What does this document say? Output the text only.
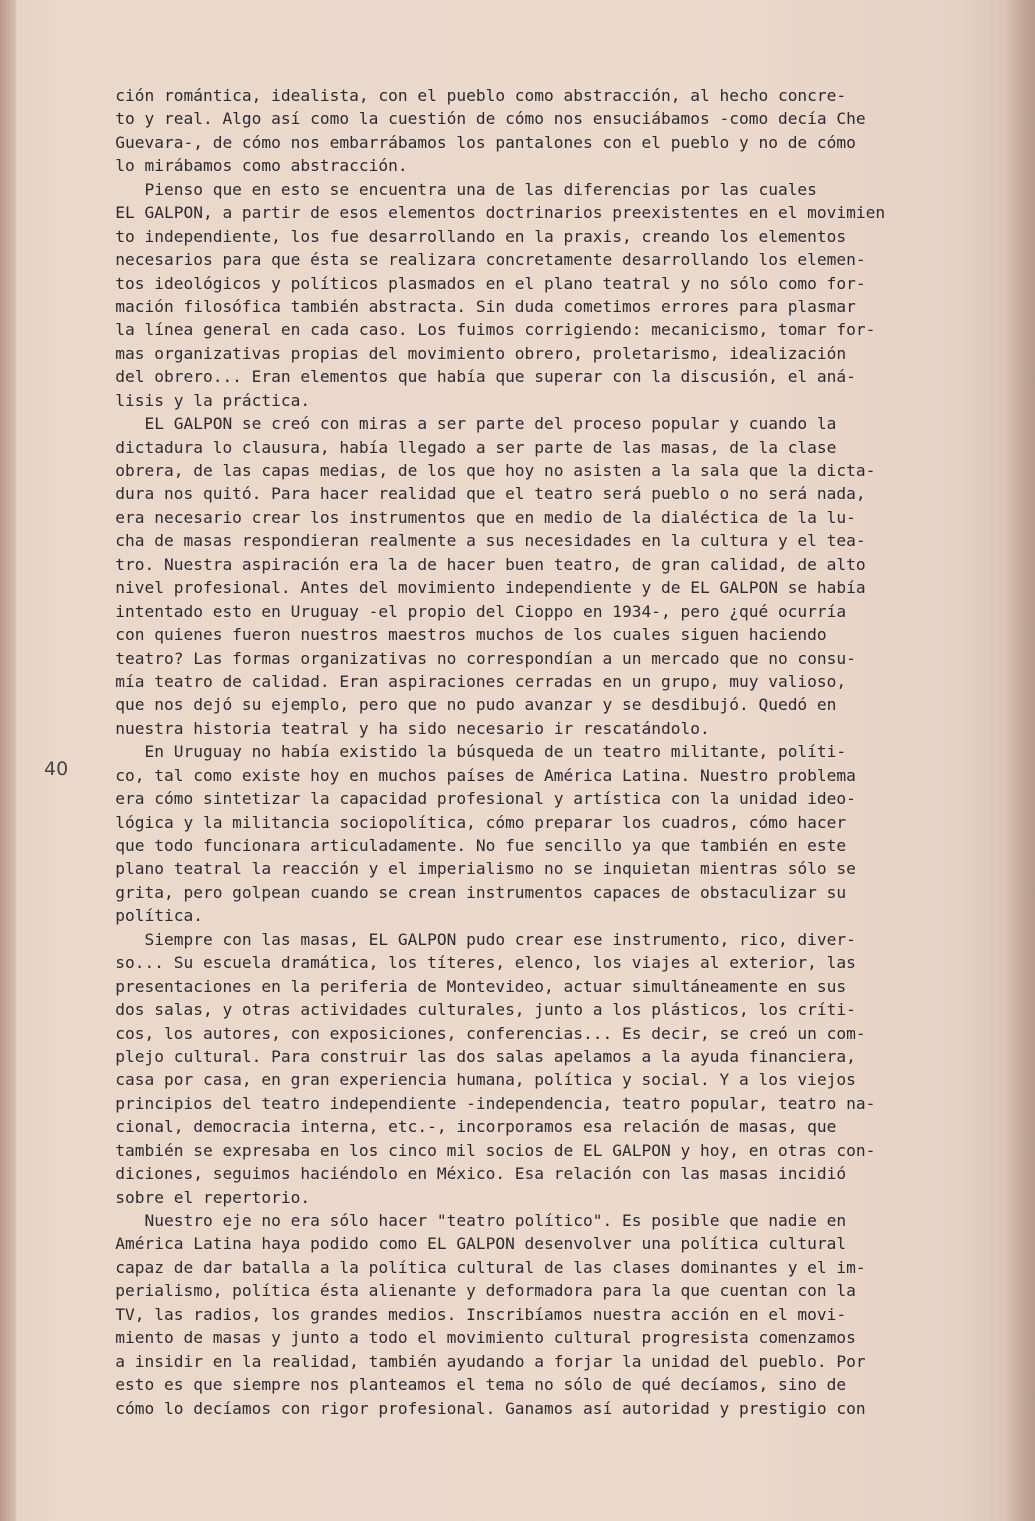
40
ción romántica, idealista, con el pueblo como abstracción, al hecho concre-
to y real. Algo así como la cuestión de cómo nos ensuciábamos -como decía Che
Guevara-, de cómo nos embarrábamos los pantalones con el pueblo y no de cómo
lo mirábamos como abstracción.
Pienso que en esto se encuentra una de las diferencias por las cuales
EL GALPON, a partir de esos elementos doctrinarios preexistentes en el movimien
to independiente, los fue desarrollando en la praxis, creando los elementos
necesarios para que ésta se realizara concretamente desarrollando los elemen-
tos ideológicos y políticos plasmados en el plano teatral y no sólo como for-
mación filosófica también abstracta. Sin duda cometimos errores para plasmar
la línea general en cada caso. Los fuimos corrigiendo: mecanicismo, tomar for-
mas organizativas propias del movimiento obrero, proletarismo, idealización
del obrero... Eran elementos que había que superar con la discusión, el aná-
lisis y la práctica.
EL GALPON se creó con miras a ser parte del proceso popular y cuando la
dictadura lo clausura, había llegado a ser parte de las masas, de la clase
obrera, de las capas medias, de los que hoy no asisten a la sala que la dicta-
dura nos quitó. Para hacer realidad que el teatro será pueblo o no será nada,
era necesario crear los instrumentos que en medio de la dialéctica de la lu-
cha de masas respondieran realmente a sus necesidades en la cultura y el tea-
tro. Nuestra aspiración era la de hacer buen teatro, de gran calidad, de alto
nivel profesional. Antes del movimiento independiente y de EL GALPON se había
intentado esto en Uruguay -el propio del Cioppo en 1934-, pero ¿qué ocurría
con quienes fueron nuestros maestros muchos de los cuales siguen haciendo
teatro? Las formas organizativas no correspondían a un mercado que no consu-
mía teatro de calidad. Eran aspiraciones cerradas en un grupo, muy valioso,
que nos dejó su ejemplo, pero que no pudo avanzar y se desdibujó. Quedó en
nuestra historia teatral y ha sido necesario ir rescatándolo.
En Uruguay no había existido la búsqueda de un teatro militante, políti-
co, tal como existe hoy en muchos países de América Latina. Nuestro problema
era cómo sintetizar la capacidad profesional y artística con la unidad ideo-
lógica y la militancia sociopolítica, cómo preparar los cuadros, cómo hacer
que todo funcionara articuladamente. No fue sencillo ya que también en este
plano teatral la reacción y el imperialismo no se inquietan mientras sólo se
grita, pero golpean cuando se crean instrumentos capaces de obstaculizar su
política.
Siempre con las masas, EL GALPON pudo crear ese instrumento, rico, diver-
so... Su escuela dramática, los títeres, elenco, los viajes al exterior, las
presentaciones en la periferia de Montevideo, actuar simultáneamente en sus
dos salas, y otras actividades culturales, junto a los plásticos, los críti-
cos, los autores, con exposiciones, conferencias... Es decir, se creó un com-
plejo cultural. Para construir las dos salas apelamos a la ayuda financiera,
casa por casa, en gran experiencia humana, política y social. Y a los viejos
principios del teatro independiente -independencia, teatro popular, teatro na-
cional, democracia interna, etc.-, incorporamos esa relación de masas, que
también se expresaba en los cinco mil socios de EL GALPON y hoy, en otras con-
diciones, seguimos haciéndolo en México. Esa relación con las masas incidió
sobre el repertorio.
Nuestro eje no era sólo hacer "teatro político". Es posible que nadie en
América Latina haya podido como EL GALPON desenvolver una política cultural
capaz de dar batalla a la política cultural de las clases dominantes y el im-
perialismo, política ésta alienante y deformadora para la que cuentan con la
TV, las radios, los grandes medios. Inscribíamos nuestra acción en el movi-
miento de masas y junto a todo el movimiento cultural progresista comenzamos
a insidir en la realidad, también ayudando a forjar la unidad del pueblo. Por
esto es que siempre nos planteamos el tema no sólo de qué decíamos, sino de
cómo lo decíamos con rigor profesional. Ganamos así autoridad y prestigio con
